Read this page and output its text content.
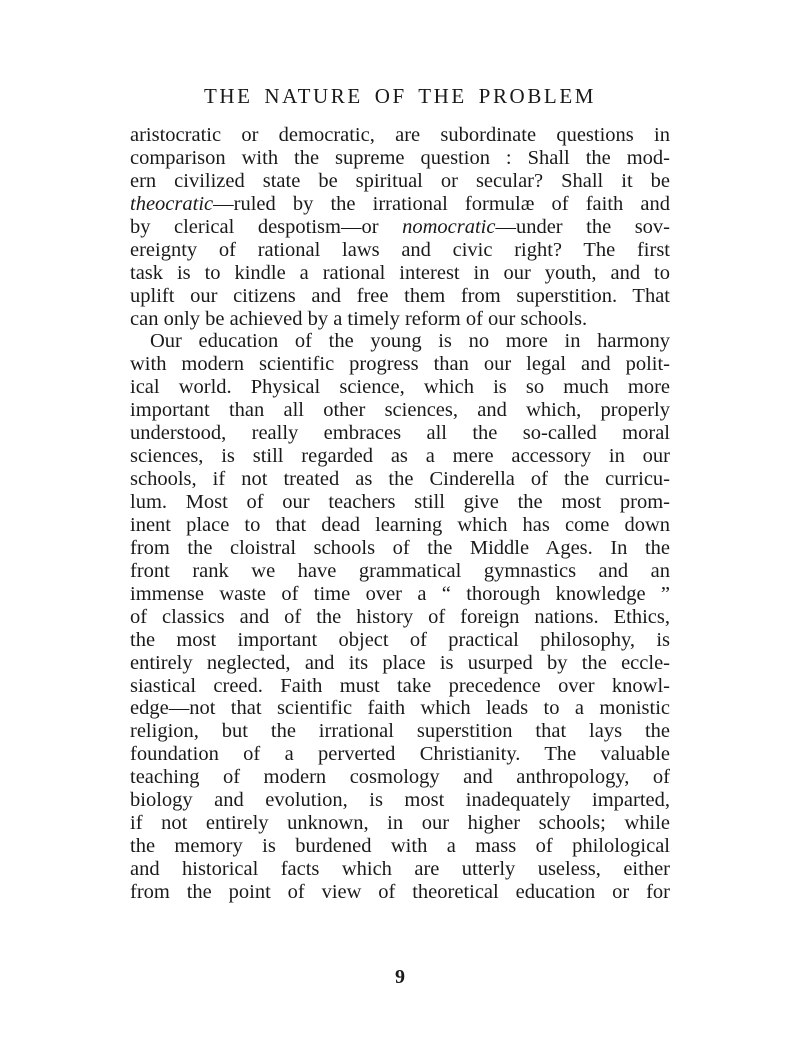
THE NATURE OF THE PROBLEM
aristocratic or democratic, are subordinate questions in
comparison with the supreme question : Shall the mod-
ern civilized state be spiritual or secular? Shall it be
theocratic—ruled by the irrational formulæ of faith and
by clerical despotism—or nomocratic—under the sov-
ereignty of rational laws and civic right? The first
task is to kindle a rational interest in our youth, and to
uplift our citizens and free them from superstition. That
can only be achieved by a timely reform of our schools.
Our education of the young is no more in harmony
with modern scientific progress than our legal and polit-
ical world. Physical science, which is so much more
important than all other sciences, and which, properly
understood, really embraces all the so-called moral
sciences, is still regarded as a mere accessory in our
schools, if not treated as the Cinderella of the curricu-
lum. Most of our teachers still give the most prom-
inent place to that dead learning which has come down
from the cloistral schools of the Middle Ages. In the
front rank we have grammatical gymnastics and an
immense waste of time over a “ thorough knowledge ”
of classics and of the history of foreign nations. Ethics,
the most important object of practical philosophy, is
entirely neglected, and its place is usurped by the eccle-
siastical creed. Faith must take precedence over knowl-
edge—not that scientific faith which leads to a monistic
religion, but the irrational superstition that lays the
foundation of a perverted Christianity. The valuable
teaching of modern cosmology and anthropology, of
biology and evolution, is most inadequately imparted,
if not entirely unknown, in our higher schools; while
the memory is burdened with a mass of philological
and historical facts which are utterly useless, either
from the point of view of theoretical education or for
9
